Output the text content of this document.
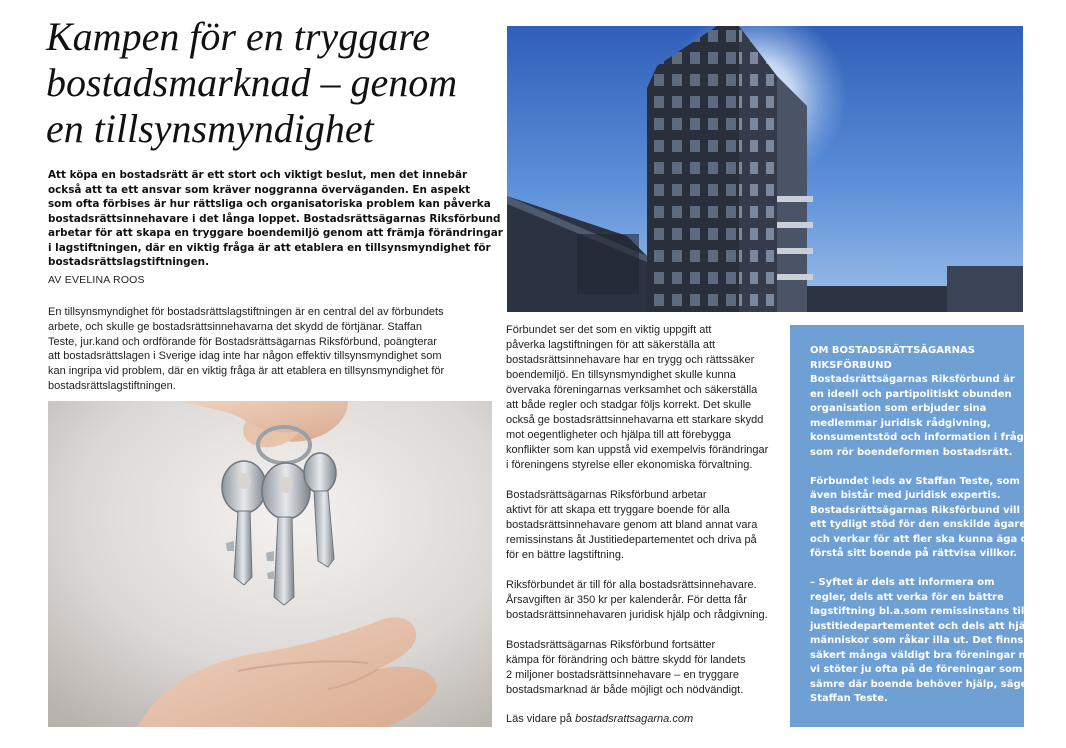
Kampen för en tryggare
bostadsmarknad – genom
en tillsynsmyndighet
Att köpa en bostadsrätt är ett stort och viktigt beslut, men det innebär
också att ta ett ansvar som kräver noggranna överväganden. En aspekt
som ofta förbises är hur rättsliga och organisatoriska problem kan påverka
bostadsrättsinnehavare i det långa loppet. Bostadsrättsägarnas Riksförbund
arbetar för att skapa en tryggare boendemiljö genom att främja förändringar
i lagstiftningen, där en viktig fråga är att etablera en tillsynsmyndighet för
bostadsrättslagstiftningen.
AV EVELINA ROOS
En tillsynsmyndighet för bostadsrättslagstiftningen är en central del av förbundets
arbete, och skulle ge bostadsrättsinnehavarna det skydd de förtjänar. Staffan
Teste, jur.kand och ordförande för Bostadsrättsägarnas Riksförbund, poängterar
att bostadsrättslagen i Sverige idag inte har någon effektiv tillsynsmyndighet som
kan ingripa vid problem, där en viktig fråga är att etablera en tillsynsmyndighet för
bostadsrättslagstiftningen.

Förbundet ser det som en viktig uppgift att
påverka lagstiftningen för att säkerställa att
bostadsrättsinnehavare har en trygg och rättssäker
boendemiljö. En tillsynsmyndighet skulle kunna
övervaka föreningarnas verksamhet och säkerställa
att både regler och stadgar följs korrekt. Det skulle
också ge bostadsrättsinnehavarna ett starkare skydd
mot oegentligheter och hjälpa till att förebygga
konflikter som kan uppstå vid exempelvis förändringar
i föreningens styrelse eller ekonomiska förvaltning.

Bostadsrättsägarnas Riksförbund arbetar
aktivt för att skapa ett tryggare boende för alla
bostadsrättsinnehavare genom att bland annat vara
remissinstans åt Justitiedepartementet och driva på
för en bättre lagstiftning.

Riksförbundet är till för alla bostadsrättsinnehavare.
Årsavgiften är 350 kr per kalenderår. För detta får
bostadsrättsinnehavaren juridisk hjälp och rådgivning.

Bostadsrättsägarnas Riksförbund fortsätter
kämpa för förändring och bättre skydd för landets
2 miljoner bostadsrättsinnehavare – en tryggare
bostadsmarknad är både möjligt och nödvändigt.

Läs vidare på bostadsrattsagarna.com

OM BOSTADSRÄTTSÄGARNAS
RIKSFÖRBUND

Bostadsrättsägarnas Riksförbund är
en ideell och partipolitiskt obunden
organisation som erbjuder sina
medlemmar juridisk rådgivning,
konsumentstöd och information i frågor
som rör boendeformen bostadsrätt.

Förbundet leds av Staffan Teste, som
även bistår med juridisk expertis.
Bostadsrättsägarnas Riksförbund vill vara
ett tydligt stöd för den enskilde ägaren
och verkar för att fler ska kunna äga och
förstå sitt boende på rättvisa villkor.

– Syftet är dels att informera om
regler, dels att verka för en bättre
lagstiftning bl.a.som remissinstans till
justitiedepartementet och dels att hjälpa
människor som råkar illa ut. Det finns
säkert många väldigt bra föreningar men
vi stöter ju ofta på de föreningar som är
sämre där boende behöver hjälp, säger
Staffan Teste.
